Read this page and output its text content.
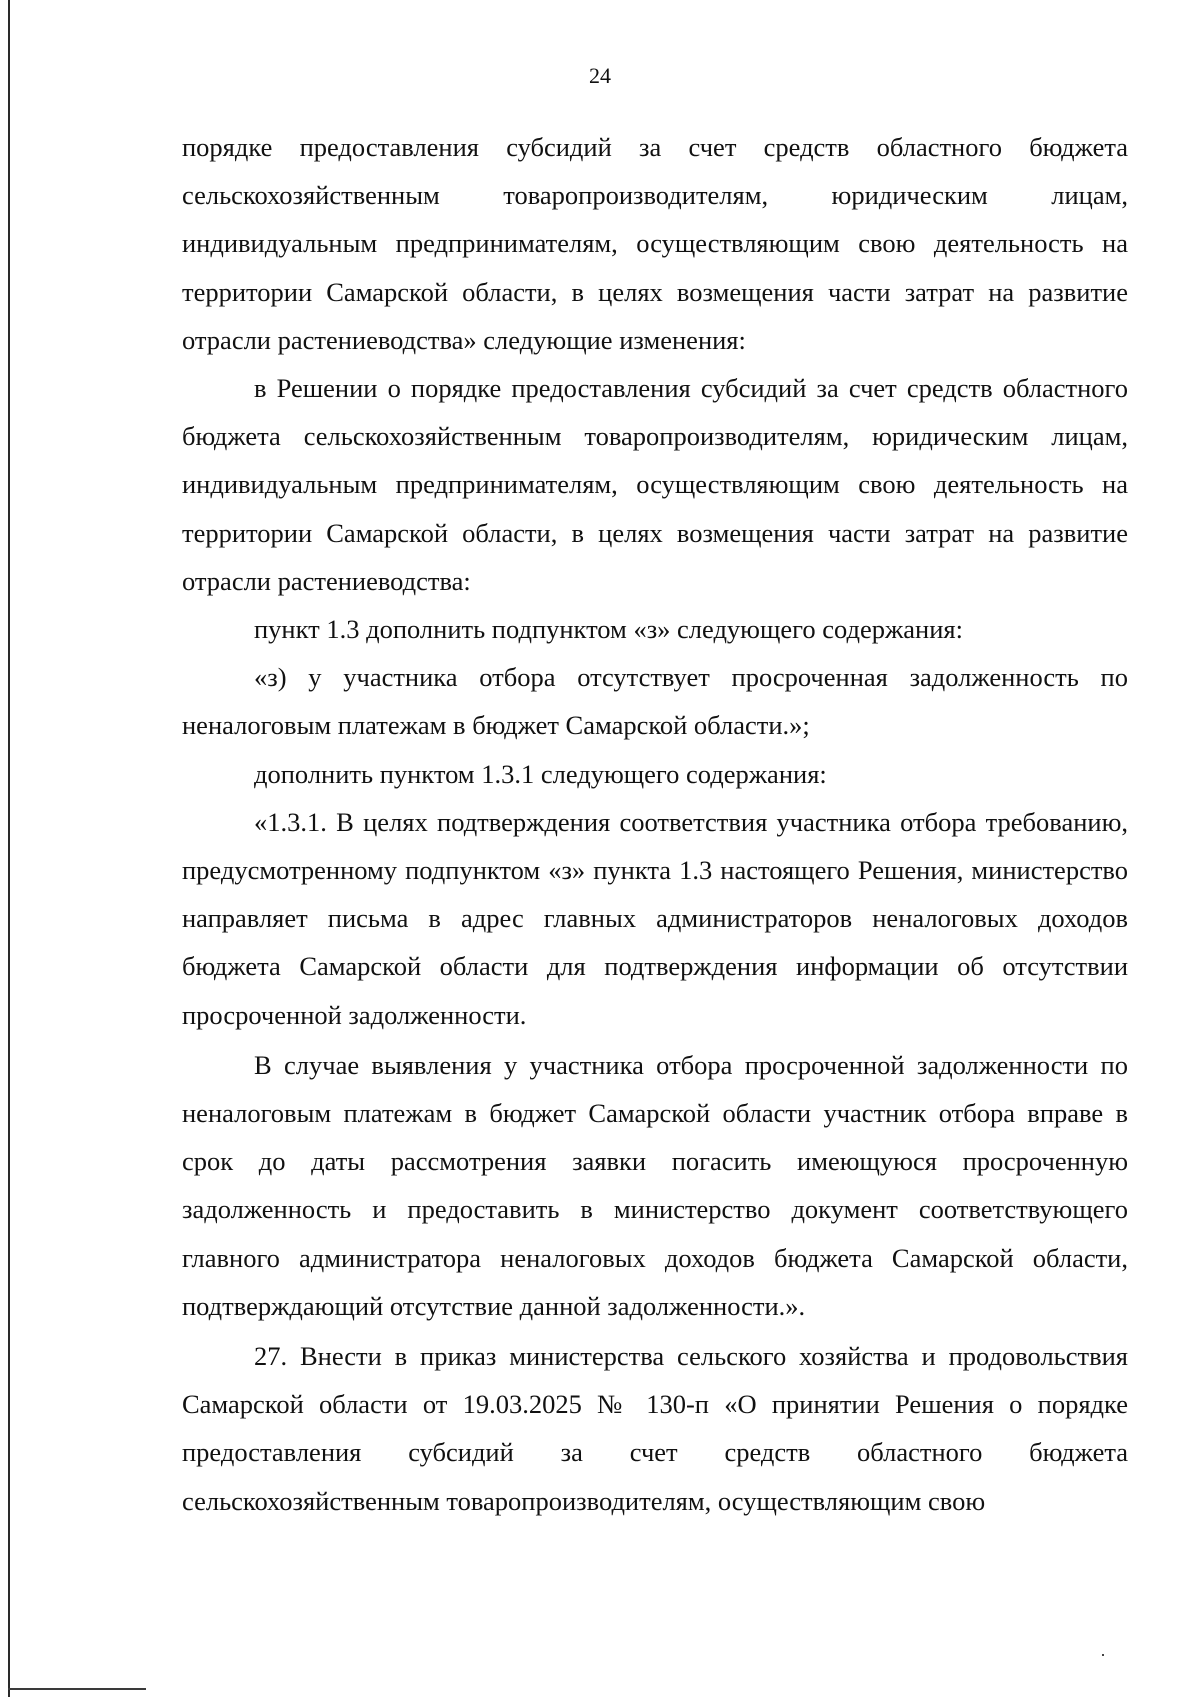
24

порядке предоставления субсидий за счет средств областного бюджета сельскохозяйственным товаропроизводителям, юридическим лицам, индивидуальным предпринимателям, осуществляющим свою деятельность на территории Самарской области, в целях возмещения части затрат на развитие отрасли растениеводства» следующие изменения:

в Решении о порядке предоставления субсидий за счет средств областного бюджета сельскохозяйственным товаропроизводителям, юридическим лицам, индивидуальным предпринимателям, осуществляющим свою деятельность на территории Самарской области, в целях возмещения части затрат на развитие отрасли растениеводства:

пункт 1.3 дополнить подпунктом «з» следующего содержания:

«з) у участника отбора отсутствует просроченная задолженность по неналоговым платежам в бюджет Самарской области.»;

дополнить пунктом 1.3.1 следующего содержания:

«1.3.1. В целях подтверждения соответствия участника отбора требованию, предусмотренному подпунктом «з» пункта 1.3 настоящего Решения, министерство направляет письма в адрес главных администраторов неналоговых доходов бюджета Самарской области для подтверждения информации об отсутствии просроченной задолженности.

В случае выявления у участника отбора просроченной задолженности по неналоговым платежам в бюджет Самарской области участник отбора вправе в срок до даты рассмотрения заявки погасить имеющуюся просроченную задолженность и предоставить в министерство документ соответствующего главного администратора неналоговых доходов бюджета Самарской области, подтверждающий отсутствие данной задолженности.».

27. Внести в приказ министерства сельского хозяйства и продовольствия Самарской области от 19.03.2025 № 130-п «О принятии Решения о порядке предоставления субсидий за счет средств областного бюджета сельскохозяйственным товаропроизводителям, осуществляющим свою
